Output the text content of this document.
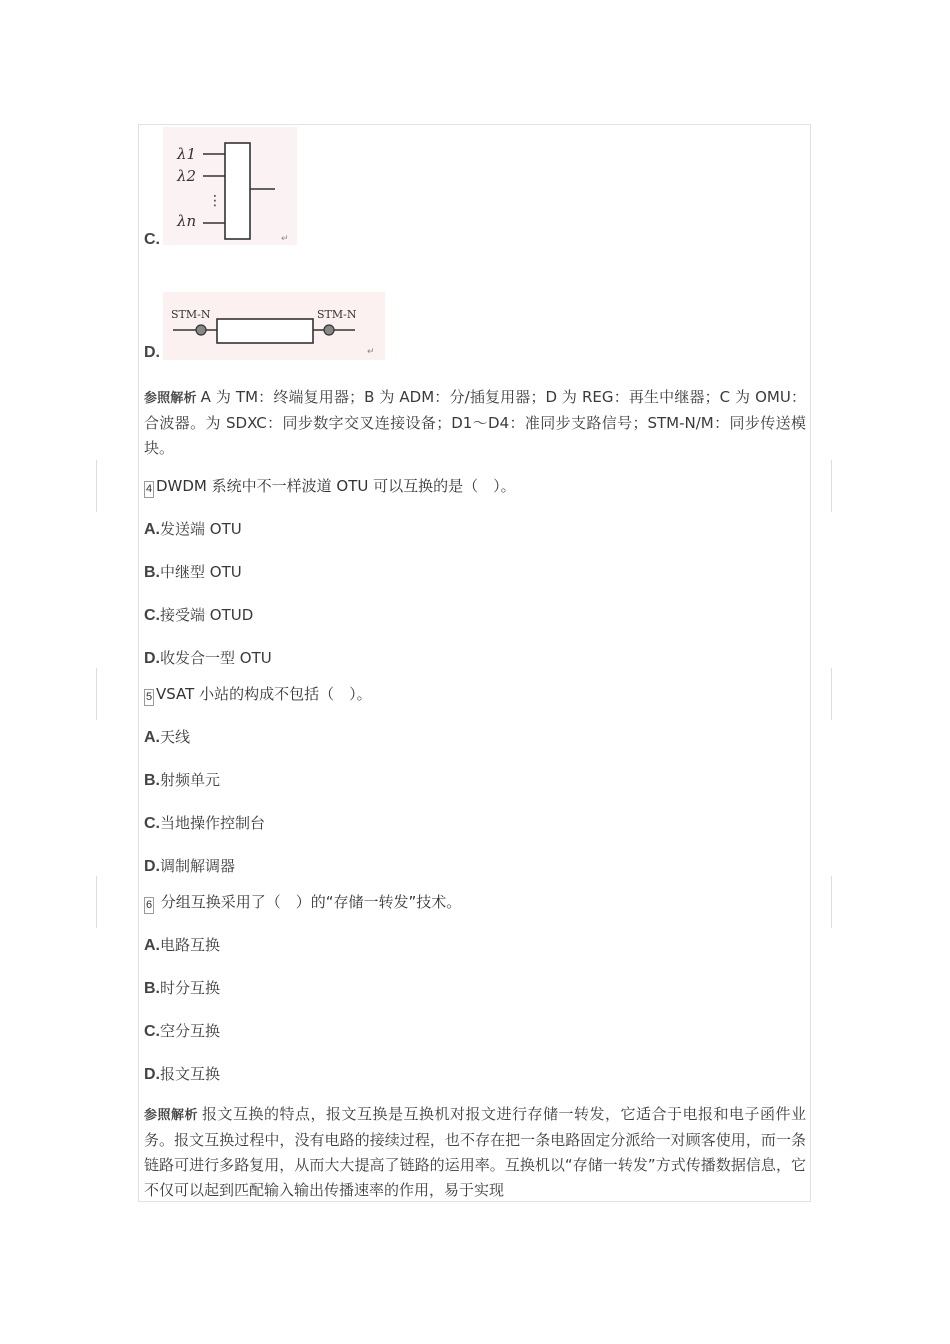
C.
λ1
λ2
⋮
λn
↵
D.
STM-N	STM-N
↵
参照解析 A 为 TM：终端复用器；B 为 ADM：分/插复用器；D 为 REG：再生中继器；C 为 OMU：合波器。为 SDXC：同步数字交叉连接设备；D1～D4：准同步支路信号；STM-N/M：同步传送模块。
4 DWDM 系统中不一样波道 OTU 可以互换的是（　）。
A.发送端 OTU
B.中继型 OTU
C.接受端 OTUD
D.收发合一型 OTU
5 VSAT 小站的构成不包括（　）。
A.天线
B.射频单元
C.当地操作控制台
D.调制解调器
6 分组互换采用了（　）的“存储一转发”技术。
A.电路互换
B.时分互换
C.空分互换
D.报文互换
参照解析 报文互换的特点，报文互换是互换机对报文进行存储一转发，它适合于电报和电子函件业务。报文互换过程中，没有电路的接续过程，也不存在把一条电路固定分派给一对顾客使用，而一条链路可进行多路复用，从而大大提高了链路的运用率。互换机以“存储一转发”方式传播数据信息，它不仅可以起到匹配输入输出传播速率的作用，易于实现
